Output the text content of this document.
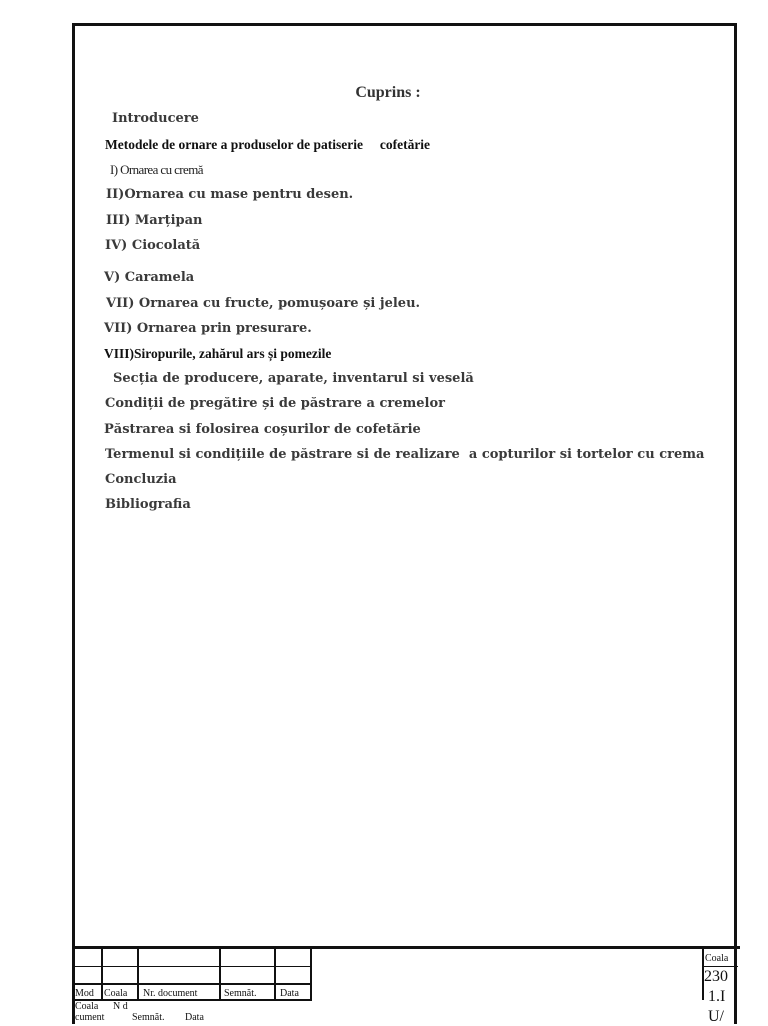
Cuprins :
Introducere
Metodele de ornare a produselor de patiserie     cofetărie
I) Ornarea cu cremă
II)Ornarea cu mase pentru desen.
III) Marțipan
IV) Ciocolată
V) Caramela
VII) Ornarea cu fructe, pomușoare și jeleu.
VII) Ornarea prin presurare.
VIII)Siropurile, zahărul ars și pomezile
Secția de producere, aparate, inventarul si veselă
Condiții de pregătire și de păstrare a cremelor
Păstrarea si folosirea coșurilor de cofetărie
Termenul si condițiile de păstrare si de realizare  a copturilor si tortelor cu crema
Concluzia
Bibliografia
Mod Coala Nr. document	Semnăt. Data
Coala N d
cument	Semnăt. Data
Coala
230
1.I
U/
